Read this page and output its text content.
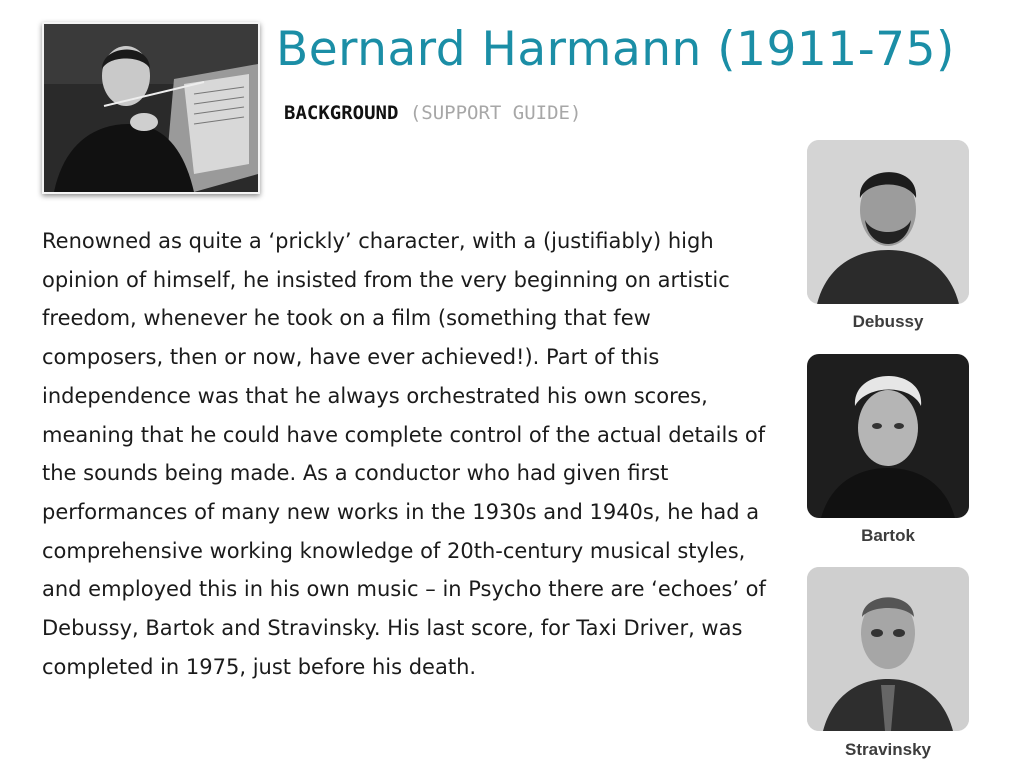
Bernard Harmann (1911-75)
BACKGROUND (SUPPORT GUIDE)

Renowned as quite a ‘prickly’ character, with a (justifiably) high opinion of himself, he insisted from the very beginning on artistic freedom, whenever he took on a film (something that few composers, then or now, have ever achieved!). Part of this independence was that he always orchestrated his own scores, meaning that he could have complete control of the actual details of the sounds being made. As a conductor who had given first performances of many new works in the 1930s and 1940s, he had a comprehensive working knowledge of 20th-century musical styles, and employed this in his own music – in Psycho there are ‘echoes’ of Debussy, Bartok and Stravinsky. His last score, for Taxi Driver, was completed in 1975, just before his death.

Debussy
Bartok
Stravinsky
